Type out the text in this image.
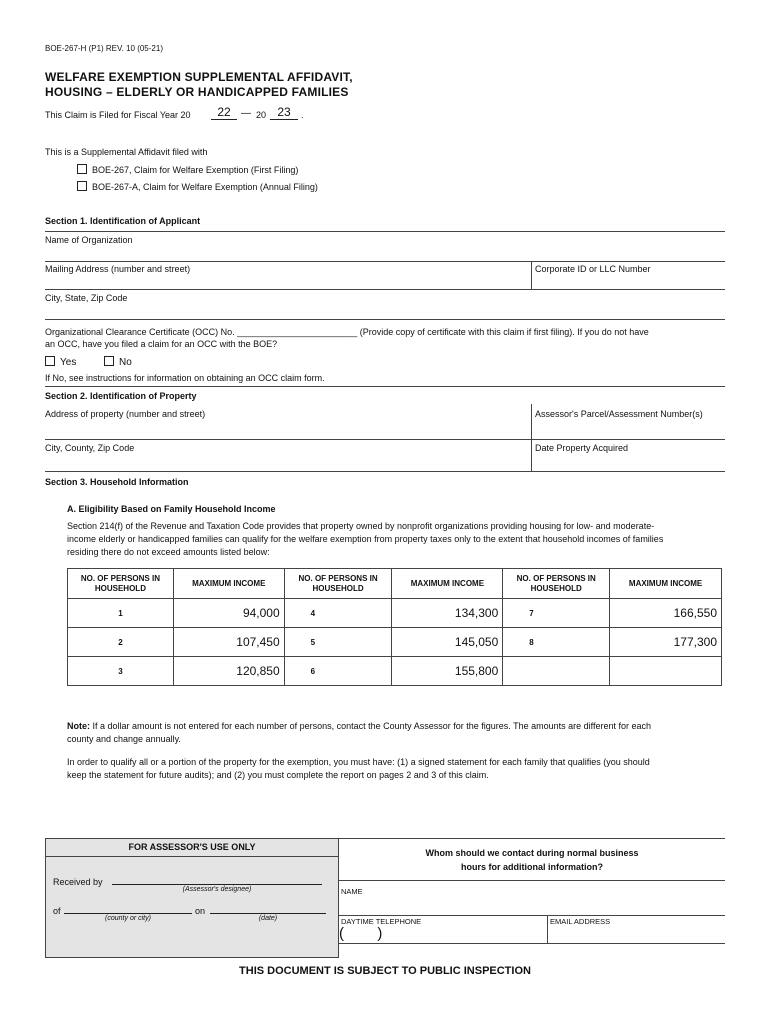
BOE-267-H (P1) REV. 10 (05-21)
WELFARE EXEMPTION SUPPLEMENTAL AFFIDAVIT,
HOUSING – ELDERLY OR HANDICAPPED FAMILIES
This Claim is Filed for Fiscal Year 20	22	— 20 23	.
This is a Supplemental Affidavit filed with
BOE-267, Claim for Welfare Exemption (First Filing)
BOE-267-A, Claim for Welfare Exemption (Annual Filing)
Section 1. Identification of Applicant
Name of Organization
Mailing Address (number and street)	Corporate ID or LLC Number
City, State, Zip Code
Organizational Clearance Certificate (OCC) No. ________________________ (Provide copy of certificate with this claim if first filing). If you do not have
an OCC, have you filed a claim for an OCC with the BOE?
Yes	No
If No, see instructions for information on obtaining an OCC claim form.
Section 2. Identification of Property
Address of property (number and street)	Assessor's Parcel/Assessment Number(s)
City, County, Zip Code	Date Property Acquired
Section 3. Household Information
A. Eligibility Based on Family Household Income
Section 214(f) of the Revenue and Taxation Code provides that property owned by nonprofit organizations providing housing for low- and moderate-
income elderly or handicapped families can qualify for the welfare exemption from property taxes only to the extent that household incomes of families
residing there do not exceed amounts listed below:
NO. OF PERSONS IN HOUSEHOLD	MAXIMUM INCOME	NO. OF PERSONS IN HOUSEHOLD	MAXIMUM INCOME	NO. OF PERSONS IN HOUSEHOLD	MAXIMUM INCOME
1	94,000	4	134,300	7	166,550
2	107,450	5	145,050	8	177,300
3	120,850	6	155,800		
Note: If a dollar amount is not entered for each number of persons, contact the County Assessor for the figures. The amounts are different for each
county and change annually.
In order to qualify all or a portion of the property for the exemption, you must have: (1) a signed statement for each family that qualifies (you should
keep the statement for future audits); and (2) you must complete the report on pages 2 and 3 of this claim.
FOR ASSESSOR'S USE ONLY
Received by
(Assessor's designee)
of	on
(county or city)	(date)
Whom should we contact during normal business
hours for additional information?
NAME
DAYTIME TELEPHONE	EMAIL ADDRESS
(        )
THIS DOCUMENT IS SUBJECT TO PUBLIC INSPECTION
